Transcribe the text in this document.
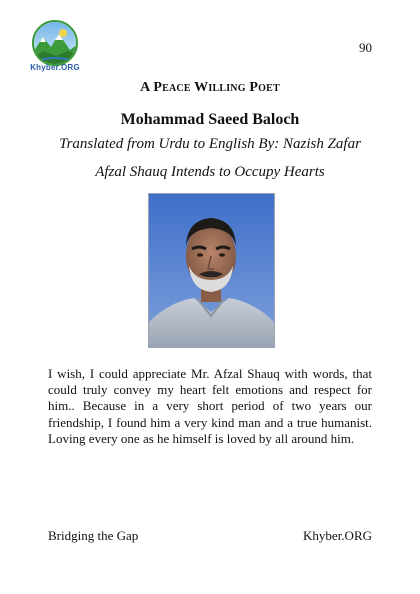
Khyber.ORG
90
A Peace Willing Poet
Mohammad Saeed Baloch
Translated from Urdu to English By: Nazish Zafar
Afzal Shauq Intends to Occupy Hearts

I wish, I could appreciate Mr. Afzal Shauq with words, that could truly convey my heart felt emotions and respect for him.. Because in a very short period of two years our friendship, I found him a very kind man and a true humanist. Loving every one as he himself is loved by all around him.

Bridging the Gap	Khyber.ORG
